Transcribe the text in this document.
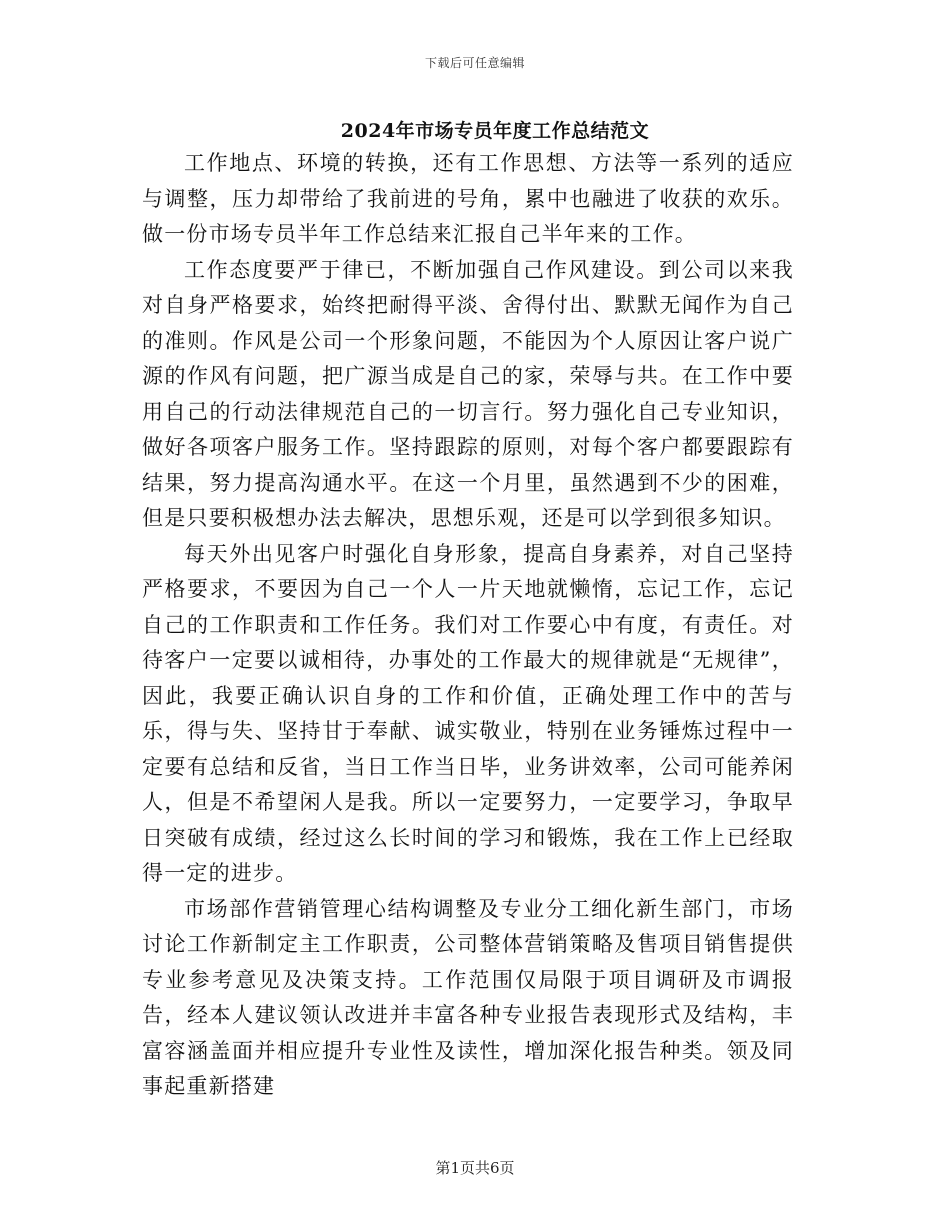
下载后可任意编辑
2024年市场专员年度工作总结范文

工作地点、环境的转换，还有工作思想、方法等一系列的适应与调整，压力却带给了我前进的号角，累中也融进了收获的欢乐。做一份市场专员半年工作总结来汇报自己半年来的工作。

工作态度要严于律已，不断加强自己作风建设。到公司以来我对自身严格要求，始终把耐得平淡、舍得付出、默默无闻作为自己的准则。作风是公司一个形象问题，不能因为个人原因让客户说广源的作风有问题，把广源当成是自己的家，荣辱与共。在工作中要用自己的行动法律规范自己的一切言行。努力强化自己专业知识，做好各项客户服务工作。坚持跟踪的原则，对每个客户都要跟踪有结果，努力提高沟通水平。在这一个月里，虽然遇到不少的困难，但是只要积极想办法去解决，思想乐观，还是可以学到很多知识。

每天外出见客户时强化自身形象，提高自身素养，对自己坚持严格要求，不要因为自己一个人一片天地就懒惰，忘记工作，忘记自己的工作职责和工作任务。我们对工作要心中有度，有责任。对待客户一定要以诚相待，办事处的工作最大的规律就是“无规律”，因此，我要正确认识自身的工作和价值，正确处理工作中的苦与乐，得与失、坚持甘于奉献、诚实敬业，特别在业务锤炼过程中一定要有总结和反省，当日工作当日毕，业务讲效率，公司可能养闲人，但是不希望闲人是我。所以一定要努力，一定要学习，争取早日突破有成绩，经过这么长时间的学习和锻炼，我在工作上已经取得一定的进步。

市场部作营销管理心结构调整及专业分工细化新生部门，市场讨论工作新制定主工作职责，公司整体营销策略及售项目销售提供专业参考意见及决策支持。工作范围仅局限于项目调研及市调报告，经本人建议领认改进并丰富各种专业报告表现形式及结构，丰富容涵盖面并相应提升专业性及读性，增加深化报告种类。领及同事起重新搭建

第1页共6页
